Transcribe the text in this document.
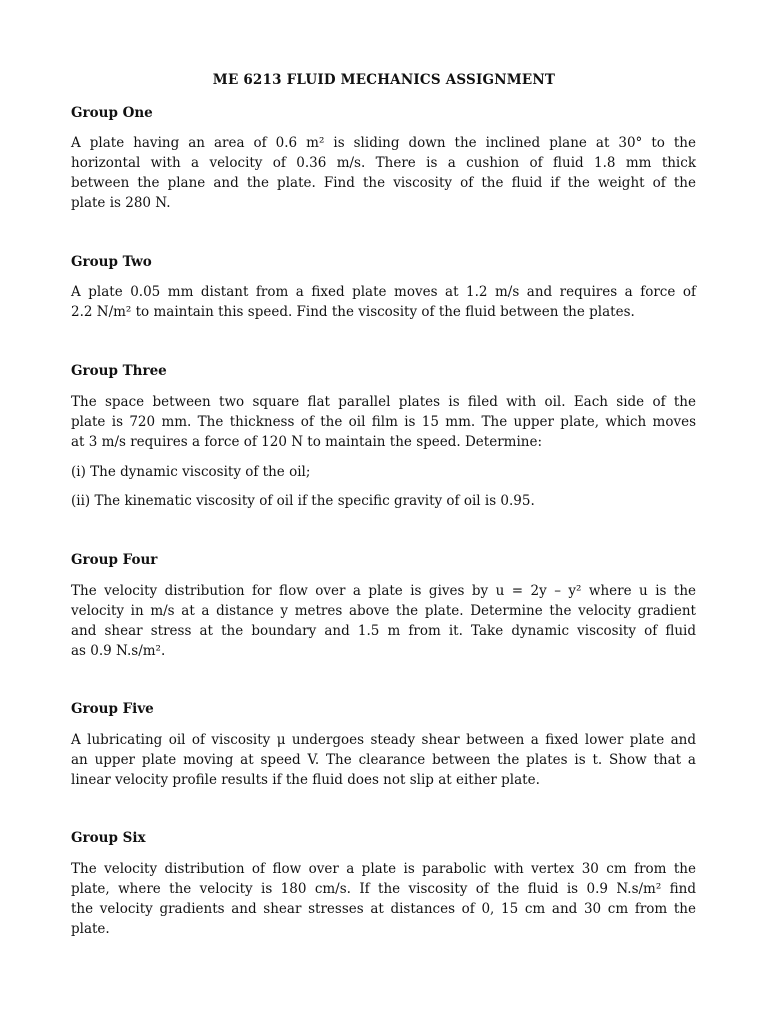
ME 6213 FLUID MECHANICS ASSIGNMENT
Group One

A plate having an area of 0.6 m² is sliding down the inclined plane at 30° to the
horizontal with a velocity of 0.36 m/s. There is a cushion of fluid 1.8 mm thick
between the plane and the plate. Find the viscosity of the fluid if the weight of the
plate is 280 N.

Group Two

A plate 0.05 mm distant from a fixed plate moves at 1.2 m/s and requires a force of
2.2 N/m² to maintain this speed. Find the viscosity of the fluid between the plates.

Group Three

The space between two square flat parallel plates is filed with oil. Each side of the
plate is 720 mm. The thickness of the oil film is 15 mm. The upper plate, which moves
at 3 m/s requires a force of 120 N to maintain the speed. Determine:

(i) The dynamic viscosity of the oil;

(ii) The kinematic viscosity of oil if the specific gravity of oil is 0.95.

Group Four

The velocity distribution for flow over a plate is gives by u = 2y – y² where u is the
velocity in m/s at a distance y metres above the plate. Determine the velocity gradient
and shear stress at the boundary and 1.5 m from it. Take dynamic viscosity of fluid
as 0.9 N.s/m².

Group Five

A lubricating oil of viscosity μ undergoes steady shear between a fixed lower plate and
an upper plate moving at speed V. The clearance between the plates is t. Show that a
linear velocity profile results if the fluid does not slip at either plate.

Group Six

The velocity distribution of flow over a plate is parabolic with vertex 30 cm from the
plate, where the velocity is 180 cm/s. If the viscosity of the fluid is 0.9 N.s/m² find
the velocity gradients and shear stresses at distances of 0, 15 cm and 30 cm from the
plate.
